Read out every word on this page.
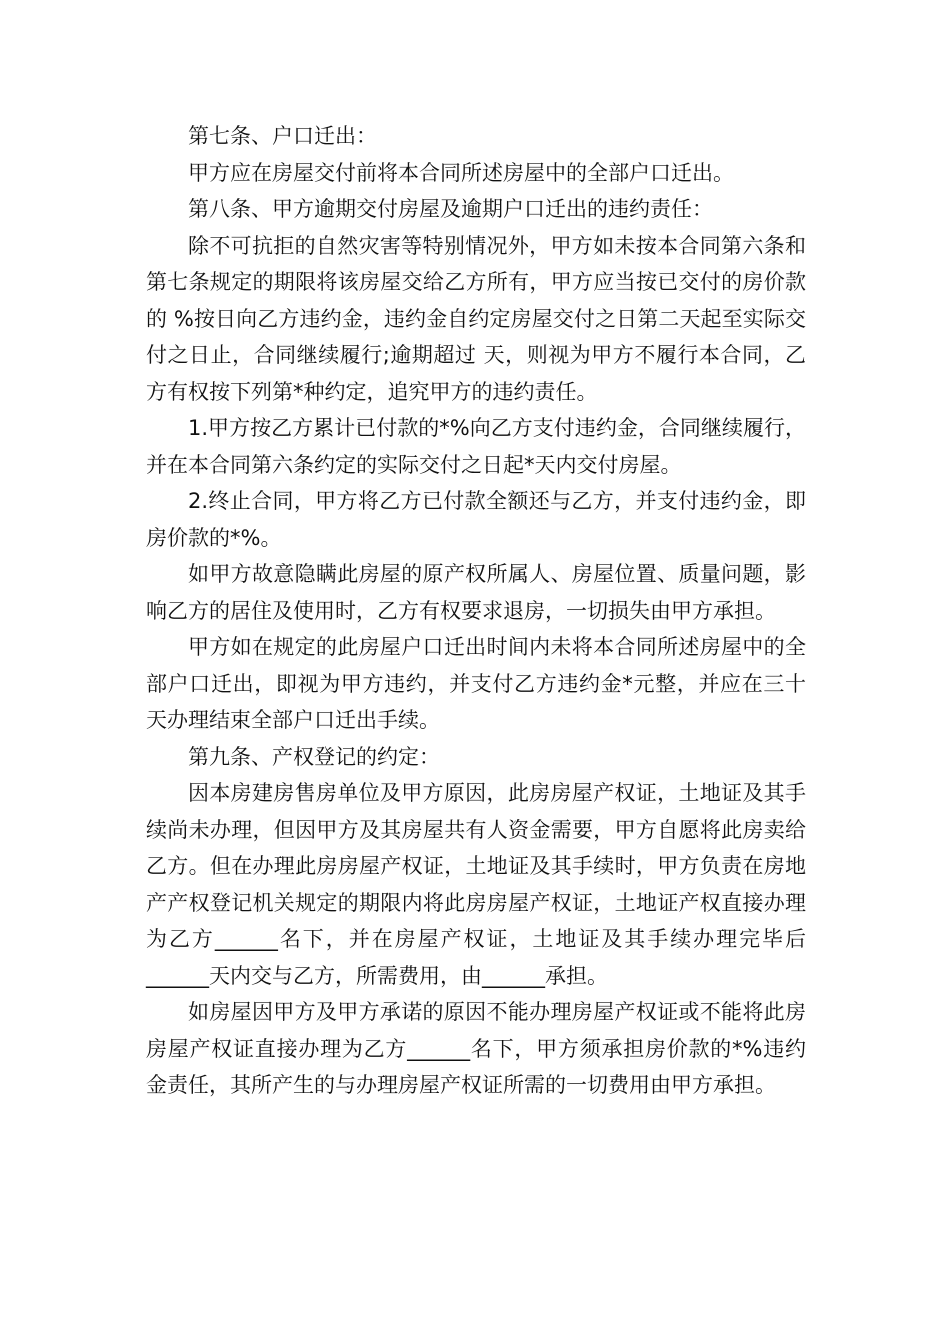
第七条、户口迁出：

甲方应在房屋交付前将本合同所述房屋中的全部户口迁出。

第八条、甲方逾期交付房屋及逾期户口迁出的违约责任：

除不可抗拒的自然灾害等特别情况外，甲方如未按本合同第六条和第七条规定的期限将该房屋交给乙方所有，甲方应当按已交付的房价款的 %按日向乙方违约金，违约金自约定房屋交付之日第二天起至实际交付之日止，合同继续履行;逾期超过 天，则视为甲方不履行本合同，乙方有权按下列第*种约定，追究甲方的违约责任。

1.甲方按乙方累计已付款的*%向乙方支付违约金，合同继续履行，并在本合同第六条约定的实际交付之日起*天内交付房屋。

2.终止合同，甲方将乙方已付款全额还与乙方，并支付违约金，即房价款的*%。

如甲方故意隐瞒此房屋的原产权所属人、房屋位置、质量问题，影响乙方的居住及使用时，乙方有权要求退房，一切损失由甲方承担。

甲方如在规定的此房屋户口迁出时间内未将本合同所述房屋中的全部户口迁出，即视为甲方违约，并支付乙方违约金*元整，并应在三十天办理结束全部户口迁出手续。

第九条、产权登记的约定：

因本房建房售房单位及甲方原因，此房房屋产权证，土地证及其手续尚未办理，但因甲方及其房屋共有人资金需要，甲方自愿将此房卖给乙方。但在办理此房房屋产权证，土地证及其手续时，甲方负责在房地产产权登记机关规定的期限内将此房房屋产权证，土地证产权直接办理为乙方______名下，并在房屋产权证，土地证及其手续办理完毕后______天内交与乙方，所需费用，由______承担。

如房屋因甲方及甲方承诺的原因不能办理房屋产权证或不能将此房房屋产权证直接办理为乙方______名下，甲方须承担房价款的*%违约金责任，其所产生的与办理房屋产权证所需的一切费用由甲方承担。
